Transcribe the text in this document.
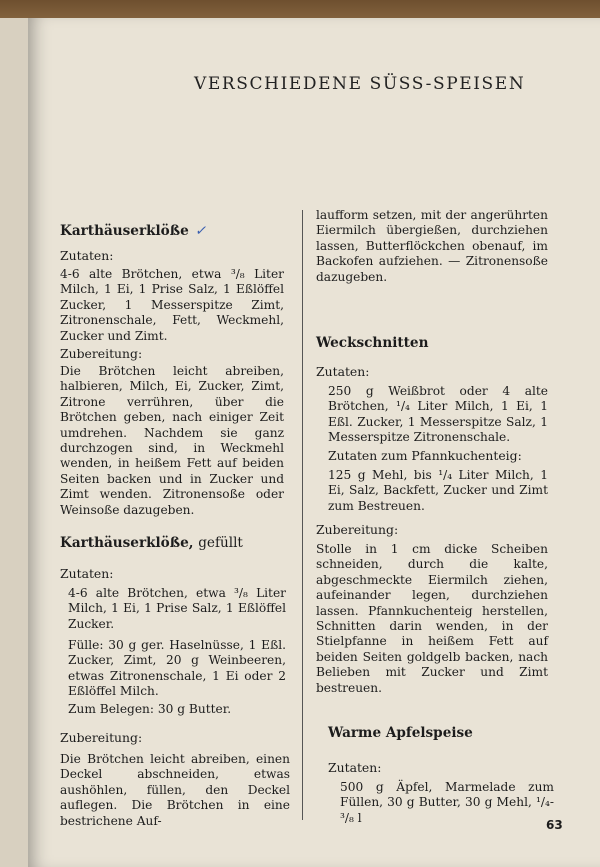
VERSCHIEDENE SÜSS-SPEISEN
Karthäuserklöße ✓
Zutaten:
4-6 alte Brötchen, etwa ³/₈ Liter Milch, 1 Ei, 1 Prise Salz, 1 Eßlöffel Zucker, 1 Messerspitze Zimt, Zitronenschale, Fett, Weckmehl, Zucker und Zimt.
Zubereitung:
Die Brötchen leicht abreiben, halbieren, Milch, Ei, Zucker, Zimt, Zitrone verrühren, über die Brötchen geben, nach einiger Zeit umdrehen. Nachdem sie ganz durchzogen sind, in Weckmehl wenden, in heißem Fett auf beiden Seiten backen und in Zucker und Zimt wenden. Zitronensoße oder Weinsoße dazugeben.
Karthäuserklöße, gefüllt
Zutaten:
4-6 alte Brötchen, etwa ³/₈ Liter Milch, 1 Ei, 1 Prise Salz, 1 Eßlöffel Zucker.
Fülle: 30 g ger. Haselnüsse, 1 Eßl. Zucker, Zimt, 20 g Weinbeeren, etwas Zitronenschale, 1 Ei oder 2 Eßlöffel Milch.
Zum Belegen: 30 g Butter.
Zubereitung:
Die Brötchen leicht abreiben, einen Deckel abschneiden, etwas aushöhlen, füllen, den Deckel auflegen. Die Brötchen in eine bestrichene Auf-
laufform setzen, mit der angerührten Eiermilch übergießen, durchziehen lassen, Butterflöckchen obenauf, im Backofen aufziehen. — Zitronensoße dazugeben.
Weckschnitten
Zutaten:
250 g Weißbrot oder 4 alte Brötchen, ¹/₄ Liter Milch, 1 Ei, 1 Eßl. Zucker, 1 Messerspitze Salz, 1 Messerspitze Zitronenschale.
Zutaten zum Pfannkuchenteig:
125 g Mehl, bis ¹/₄ Liter Milch, 1 Ei, Salz, Backfett, Zucker und Zimt zum Bestreuen.
Zubereitung:
Stolle in 1 cm dicke Scheiben schneiden, durch die kalte, abgeschmeckte Eiermilch ziehen, aufeinander legen, durchziehen lassen. Pfannkuchenteig herstellen, Schnitten darin wenden, in der Stielpfanne in heißem Fett auf beiden Seiten goldgelb backen, nach Belieben mit Zucker und Zimt bestreuen.
Warme Apfelspeise
Zutaten:
500 g Äpfel, Marmelade zum Füllen, 30 g Butter, 30 g Mehl, ¹/₄-³/₈ l
63
